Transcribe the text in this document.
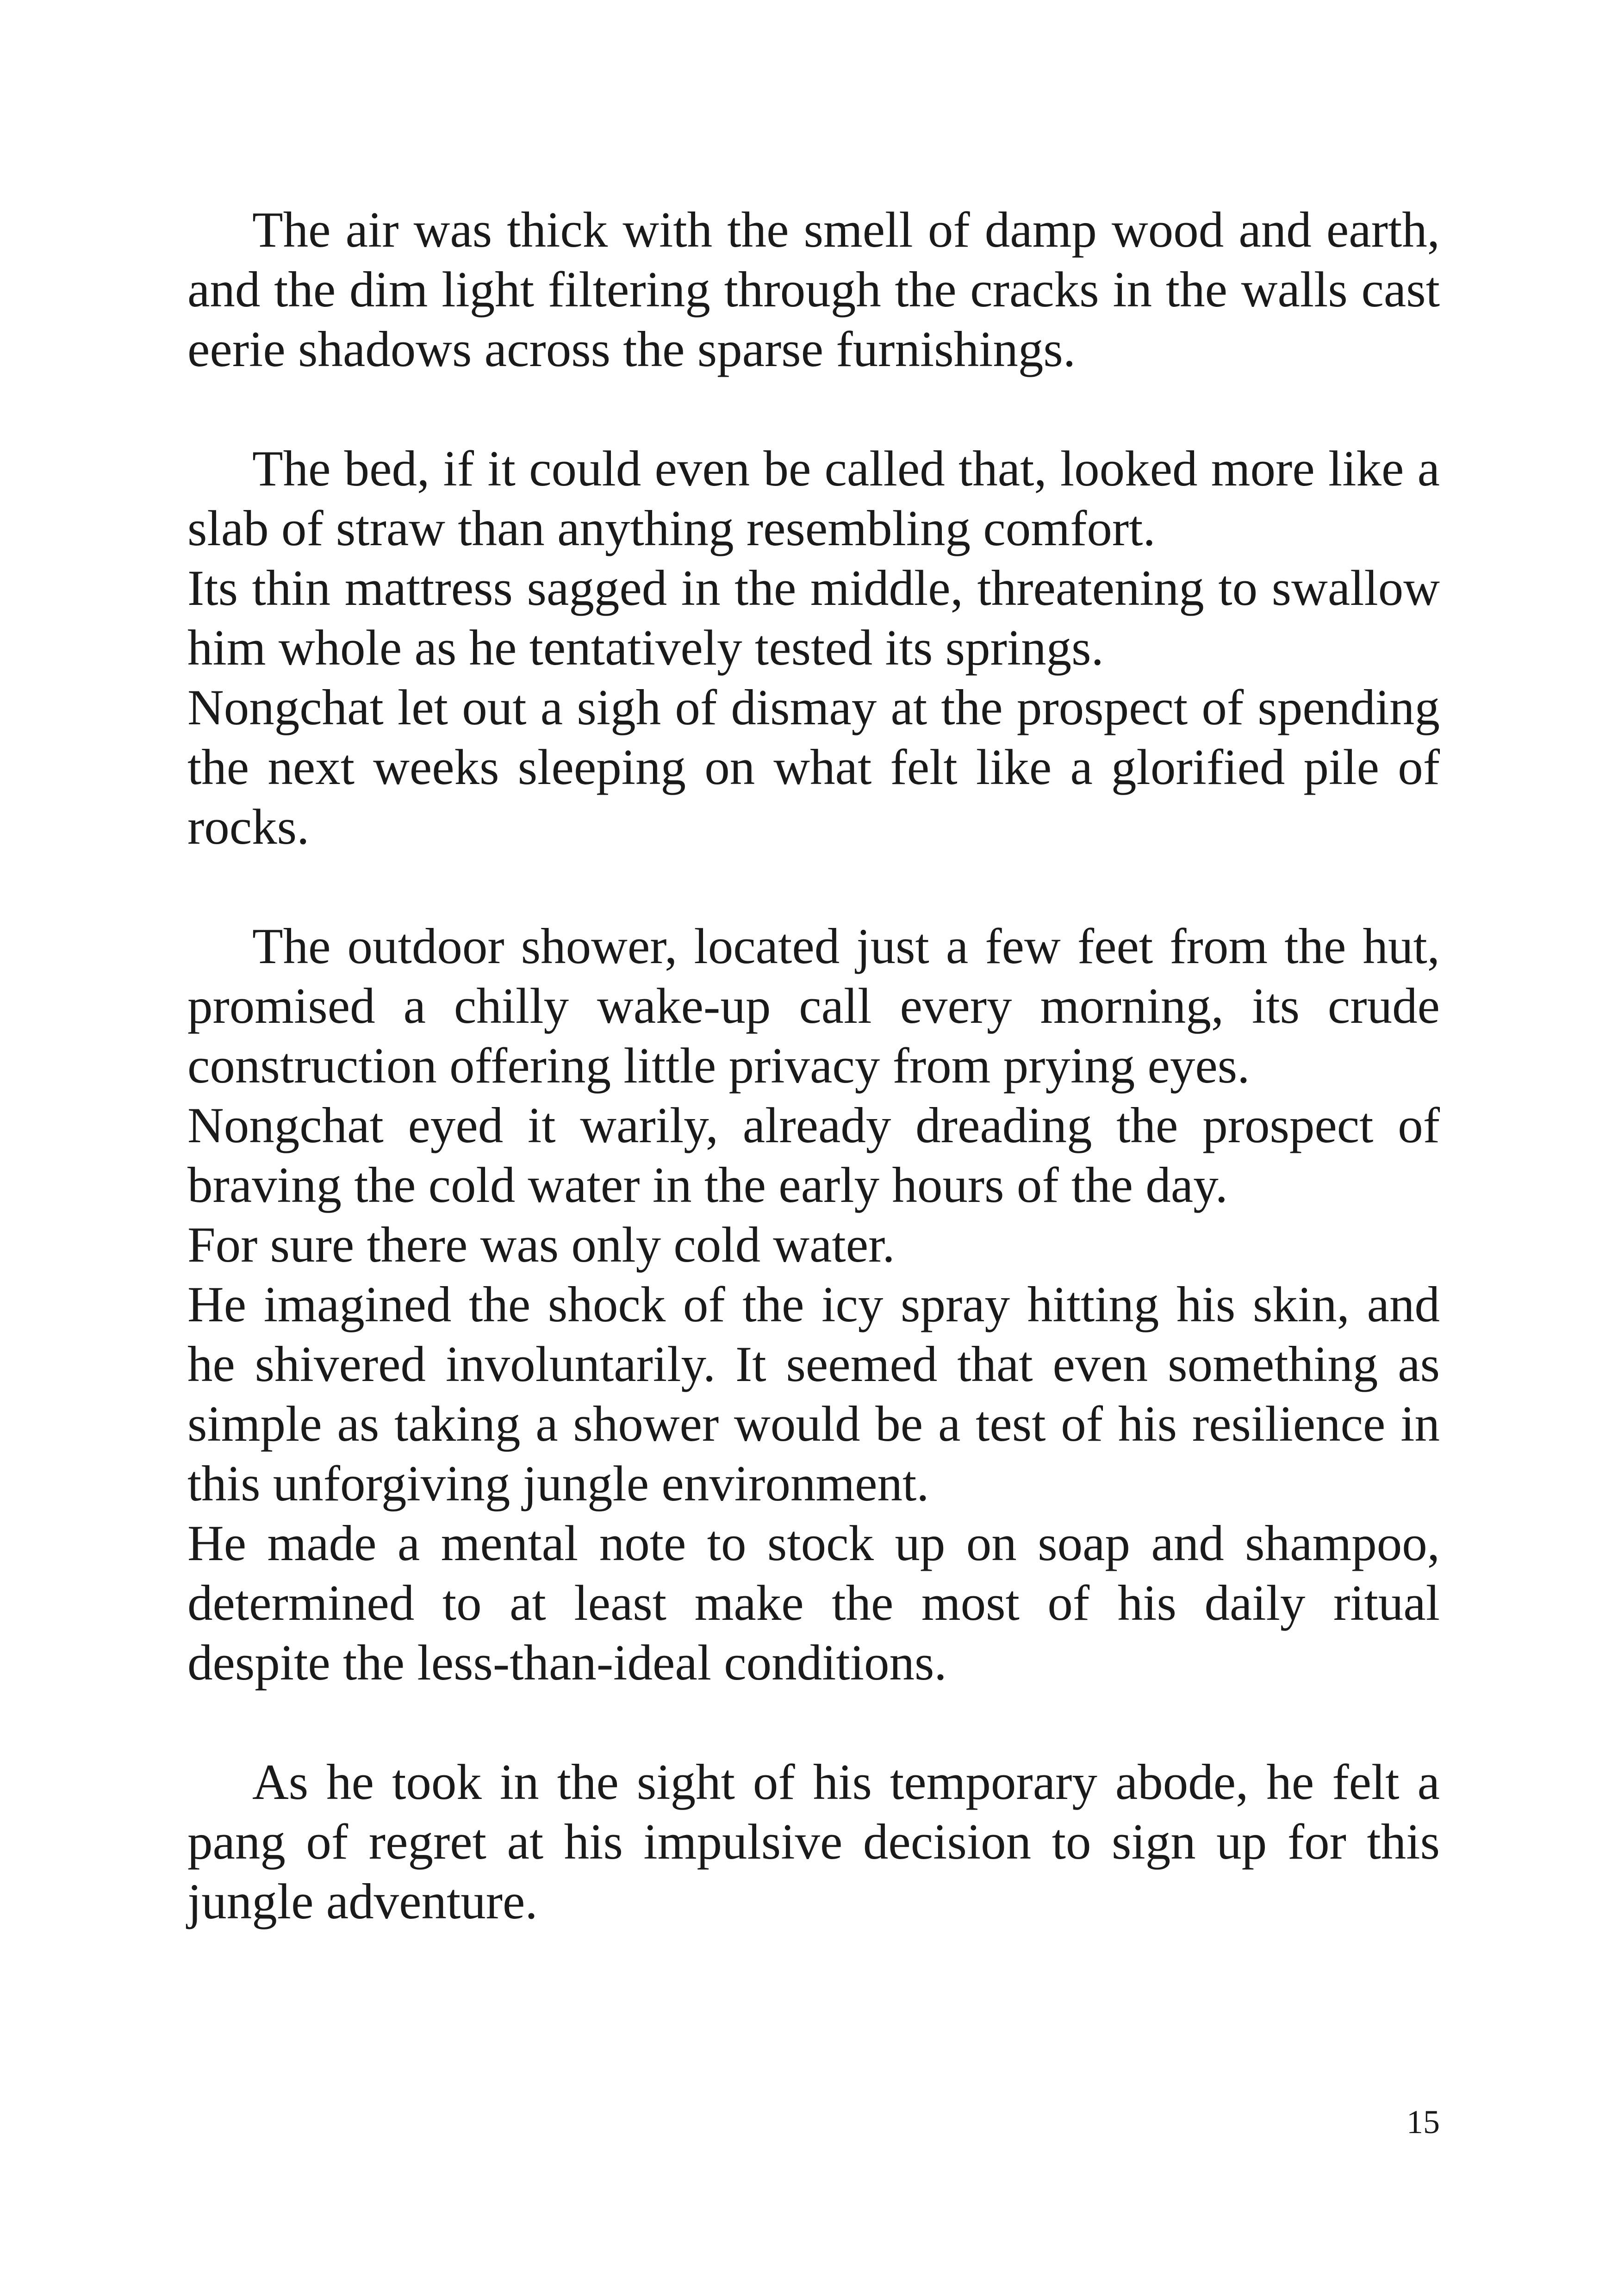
The air was thick with the smell of damp wood and earth, and the dim light filtering through the cracks in the walls cast eerie shadows across the sparse furnishings.

The bed, if it could even be called that, looked more like a slab of straw than anything resembling comfort.

Its thin mattress sagged in the middle, threatening to swallow him whole as he tentatively tested its springs.

Nongchat let out a sigh of dismay at the prospect of spending the next weeks sleeping on what felt like a glorified pile of rocks.

The outdoor shower, located just a few feet from the hut, promised a chilly wake-up call every morning, its crude construction offering little privacy from prying eyes.

Nongchat eyed it warily, already dreading the prospect of braving the cold water in the early hours of the day.

For sure there was only cold water.

He imagined the shock of the icy spray hitting his skin, and he shivered involuntarily. It seemed that even something as simple as taking a shower would be a test of his resilience in this unforgiving jungle environment.

He made a mental note to stock up on soap and shampoo, determined to at least make the most of his daily ritual despite the less-than-ideal conditions.

As he took in the sight of his temporary abode, he felt a pang of regret at his impulsive decision to sign up for this jungle adventure.

15
